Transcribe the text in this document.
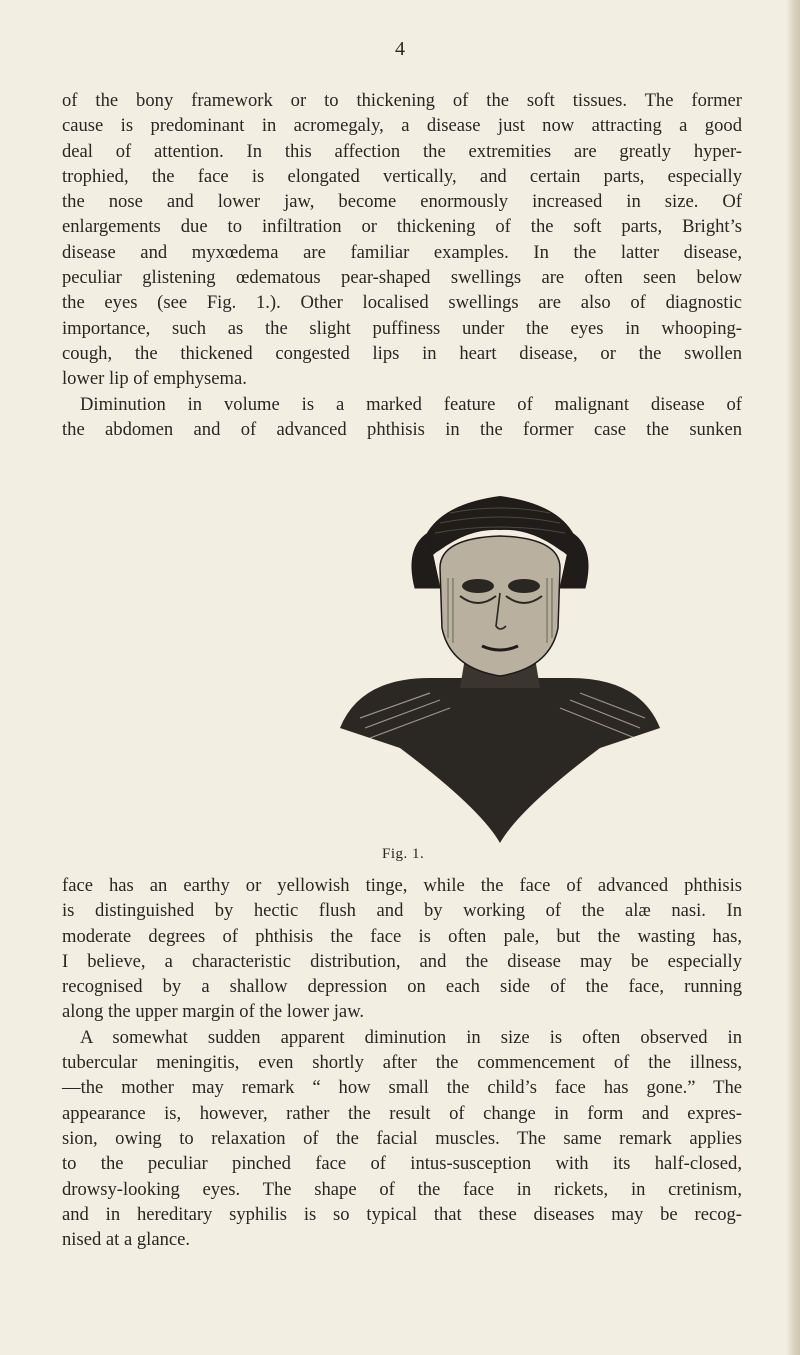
4

of the bony framework or to thickening of the soft tissues. The former
cause is predominant in acromegaly, a disease just now attracting a good
deal of attention. In this affection the extremities are greatly hyper-
trophied, the face is elongated vertically, and certain parts, especially
the nose and lower jaw, become enormously increased in size. Of
enlargements due to infiltration or thickening of the soft parts, Bright’s
disease and myxœdema are familiar examples. In the latter disease,
peculiar glistening œdematous pear-shaped swellings are often seen below
the eyes (see Fig. 1.). Other localised swellings are also of diagnostic
importance, such as the slight puffiness under the eyes in whooping-
cough, the thickened congested lips in heart disease, or the swollen
lower lip of emphysema.
Diminution in volume is a marked feature of malignant disease of
the abdomen and of advanced phthisis in the former case the sunken

Fig. 1.

face has an earthy or yellowish tinge, while the face of advanced phthisis
is distinguished by hectic flush and by working of the alæ nasi. In
moderate degrees of phthisis the face is often pale, but the wasting has,
I believe, a characteristic distribution, and the disease may be especially
recognised by a shallow depression on each side of the face, running
along the upper margin of the lower jaw.
A somewhat sudden apparent diminution in size is often observed in
tubercular meningitis, even shortly after the commencement of the illness,
—the mother may remark “ how small the child’s face has gone.” The
appearance is, however, rather the result of change in form and expres-
sion, owing to relaxation of the facial muscles. The same remark applies
to the peculiar pinched face of intus-susception with its half-closed,
drowsy-looking eyes. The shape of the face in rickets, in cretinism,
and in hereditary syphilis is so typical that these diseases may be recog-
nised at a glance.
